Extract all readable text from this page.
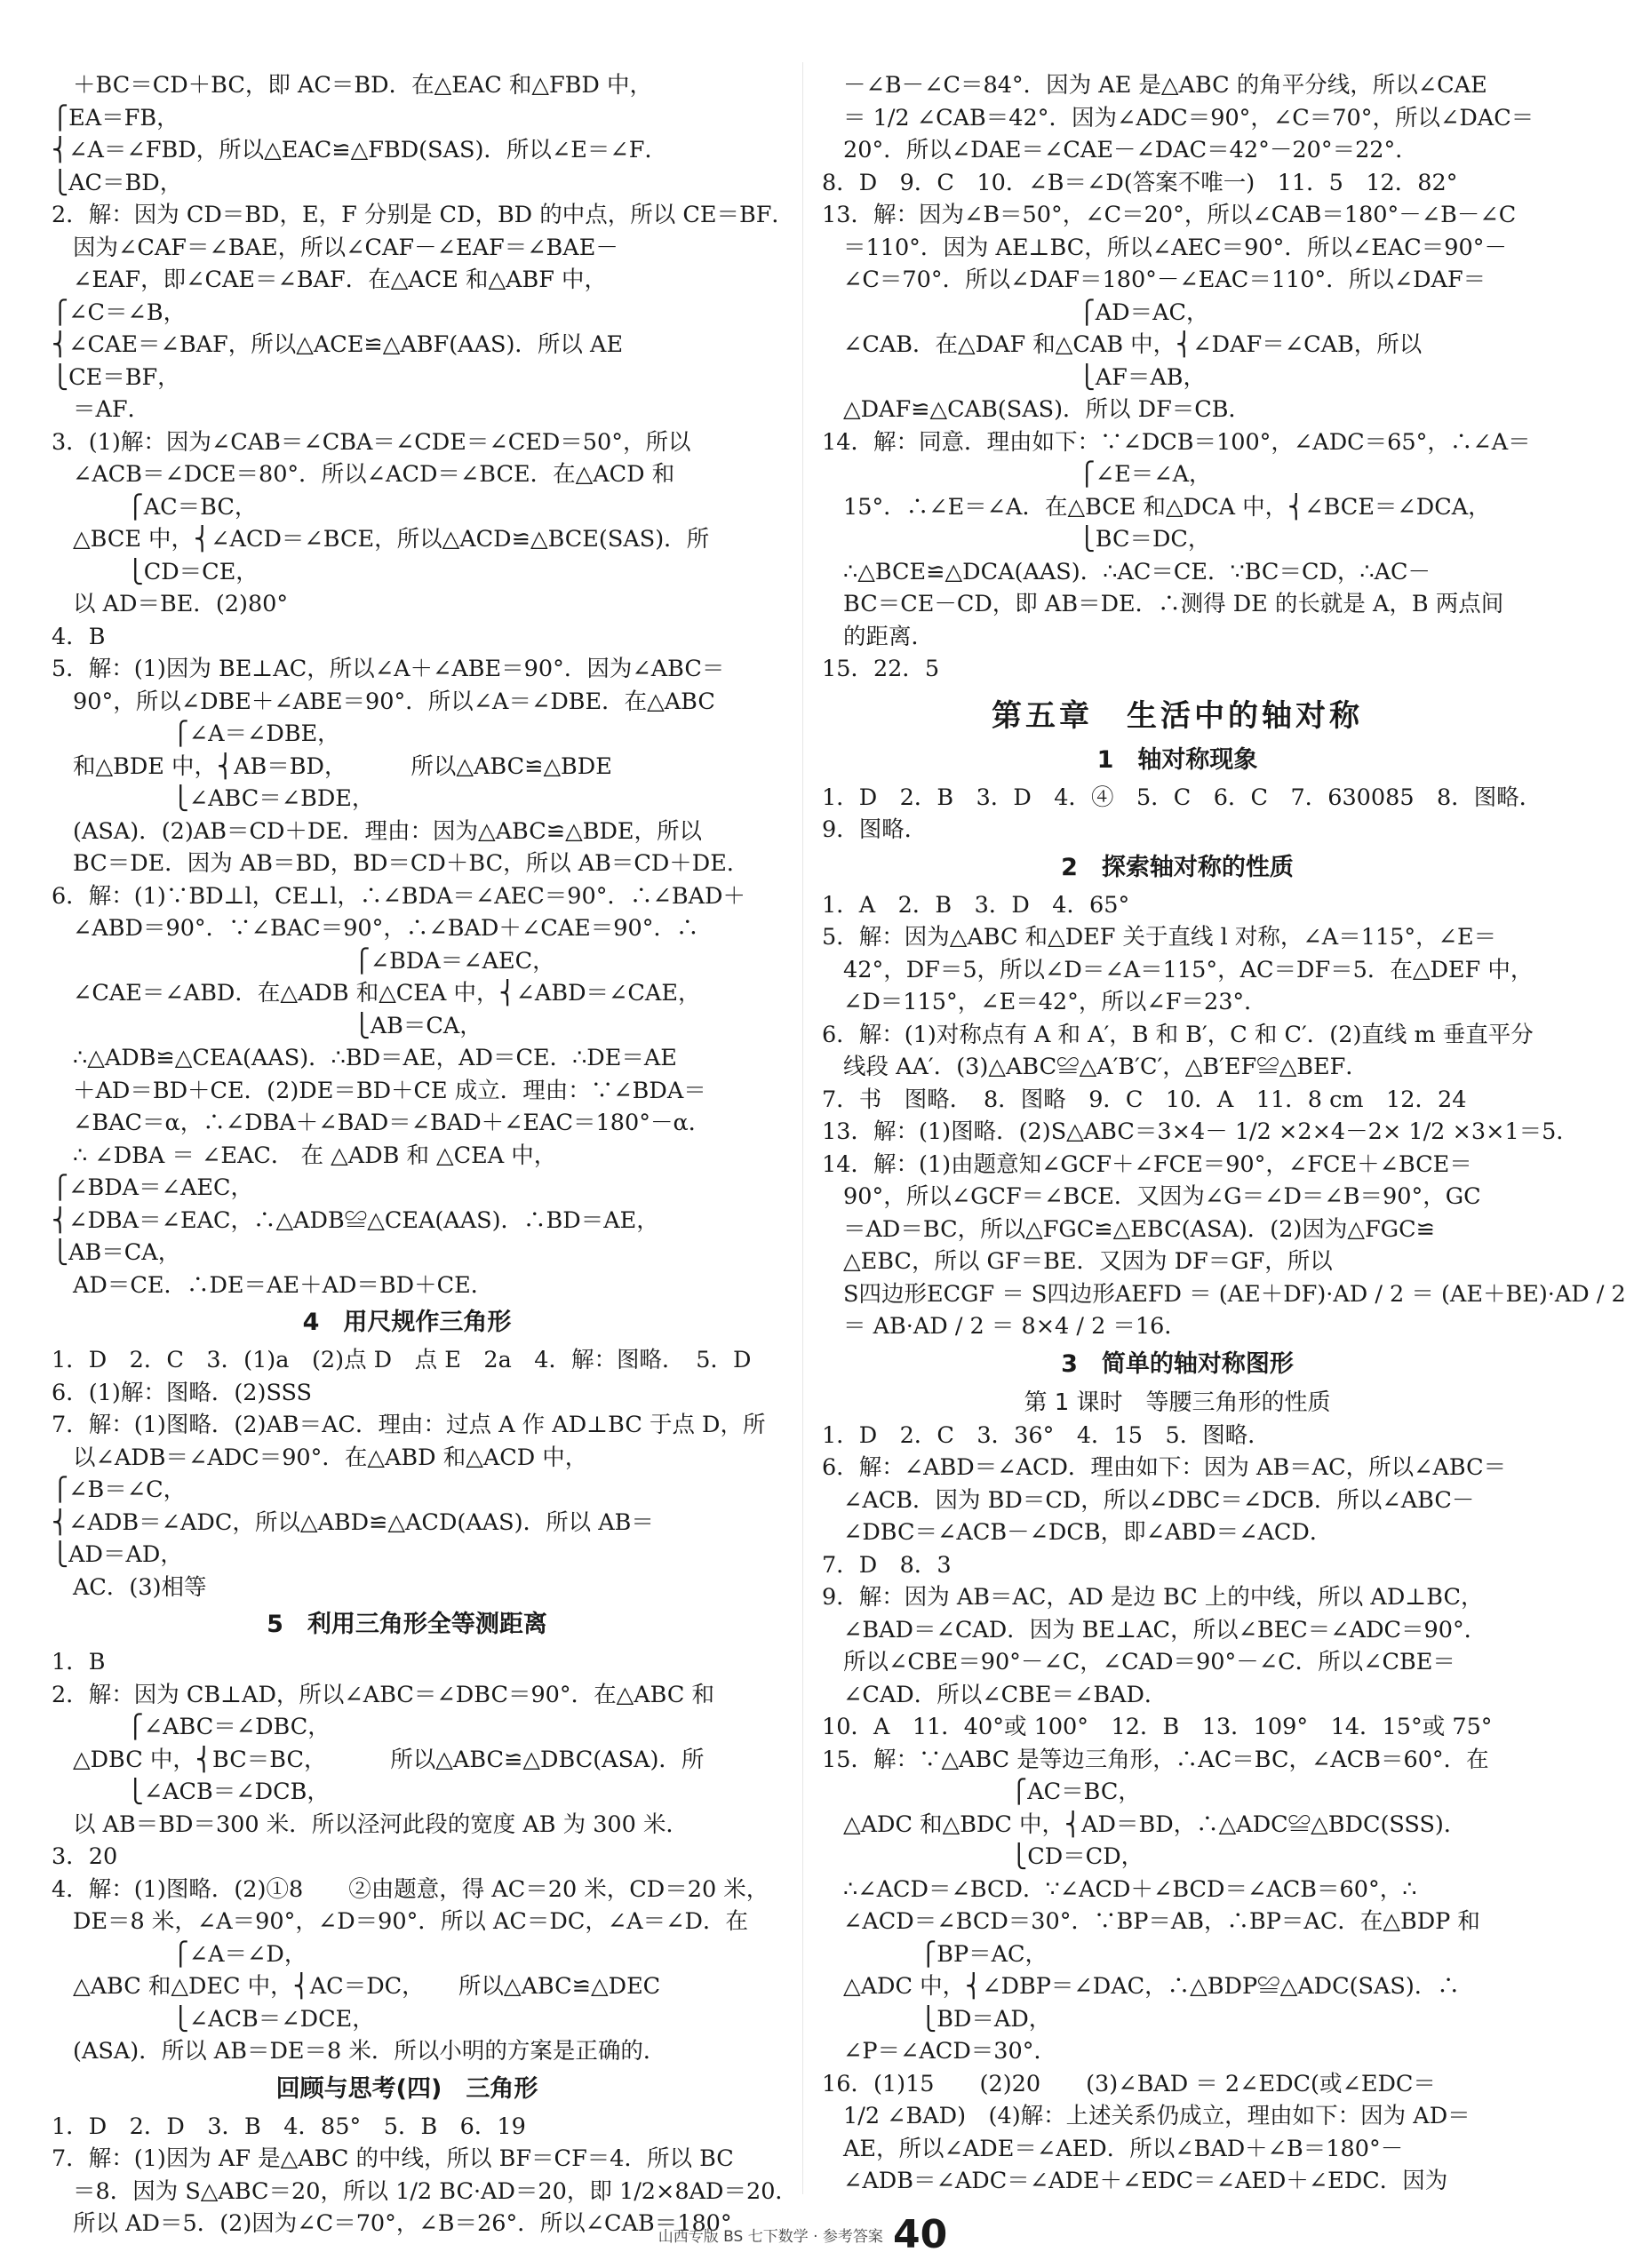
＋BC＝CD＋BC，即 AC＝BD．在△EAC 和△FBD 中，
⎧EA＝FB，
⎨∠A＝∠FBD，所以△EAC≌△FBD(SAS)．所以∠E＝∠F．
⎩AC＝BD，
2．解：因为 CD＝BD，E，F 分别是 CD，BD 的中点，所以 CE＝BF．
因为∠CAF＝∠BAE，所以∠CAF－∠EAF＝∠BAE－
∠EAF，即∠CAE＝∠BAF．在△ACE 和△ABF 中，
⎧∠C＝∠B，
⎨∠CAE＝∠BAF，所以△ACE≌△ABF(AAS)．所以 AE
⎩CE＝BF，
＝AF．
3．(1)解：因为∠CAB＝∠CBA＝∠CDE＝∠CED＝50°，所以
∠ACB＝∠DCE＝80°．所以∠ACD＝∠BCE．在△ACD 和
　　　 ⎧AC＝BC，
△BCE 中，⎨∠ACD＝∠BCE，所以△ACD≌△BCE(SAS)．所
　　　 ⎩CD＝CE，
以 AD＝BE．(2)80°
4．B
5．解：(1)因为 BE⊥AC，所以∠A＋∠ABE＝90°．因为∠ABC＝
90°，所以∠DBE＋∠ABE＝90°．所以∠A＝∠DBE．在△ABC
　　　　　 ⎧∠A＝∠DBE，
和△BDE 中，⎨AB＝BD，　　　 所以△ABC≌△BDE
　　　　　 ⎩∠ABC＝∠BDE，
(ASA)．(2)AB＝CD＋DE．理由：因为△ABC≌△BDE，所以
BC＝DE．因为 AB＝BD，BD＝CD＋BC，所以 AB＝CD＋DE．
6．解：(1)∵BD⊥l，CE⊥l，∴∠BDA＝∠AEC＝90°．∴∠BAD＋
∠ABD＝90°．∵∠BAC＝90°，∴∠BAD＋∠CAE＝90°．∴
　　　　　　　　　　　　　 ⎧∠BDA＝∠AEC，
∠CAE＝∠ABD．在△ADB 和△CEA 中，⎨∠ABD＝∠CAE，
　　　　　　　　　　　　　 ⎩AB＝CA，
∴△ADB≌△CEA(AAS)．∴BD＝AE，AD＝CE．∴DE＝AE
＋AD＝BD＋CE．(2)DE＝BD＋CE 成立．理由：∵∠BDA＝
∠BAC＝α，∴∠DBA＋∠BAD＝∠BAD＋∠EAC＝180°－α．
∴ ∠DBA ＝ ∠EAC． 在 △ADB 和 △CEA 中，
⎧∠BDA＝∠AEC，
⎨∠DBA＝∠EAC，∴△ADB≌△CEA(AAS)．∴BD＝AE，
⎩AB＝CA，
AD＝CE．∴DE＝AE＋AD＝BD＋CE．
4　用尺规作三角形
1．D　2．C　3．(1)a　(2)点 D　点 E　2a　4．解：图略．　5．D
6．(1)解：图略．(2)SSS
7．解：(1)图略．(2)AB＝AC．理由：过点 A 作 AD⊥BC 于点 D，所
以∠ADB＝∠ADC＝90°．在△ABD 和△ACD 中，
⎧∠B＝∠C，
⎨∠ADB＝∠ADC，所以△ABD≌△ACD(AAS)．所以 AB＝
⎩AD＝AD，
AC．(3)相等
5　利用三角形全等测距离
1．B
2．解：因为 CB⊥AD，所以∠ABC＝∠DBC＝90°．在△ABC 和
　　　 ⎧∠ABC＝∠DBC，
△DBC 中，⎨BC＝BC，　　　 所以△ABC≌△DBC(ASA)．所
　　　 ⎩∠ACB＝∠DCB，
以 AB＝BD＝300 米．所以泾河此段的宽度 AB 为 300 米．
3．20
4．解：(1)图略．(2)①8　　②由题意，得 AC＝20 米，CD＝20 米，
DE＝8 米，∠A＝90°，∠D＝90°．所以 AC＝DC，∠A＝∠D．在
　　　　　 ⎧∠A＝∠D，
△ABC 和△DEC 中，⎨AC＝DC，　　所以△ABC≌△DEC
　　　　　 ⎩∠ACB＝∠DCE，
(ASA)．所以 AB＝DE＝8 米．所以小明的方案是正确的．
回顾与思考(四)　三角形
1．D　2．D　3．B　4．85°　5．B　6．19
7．解：(1)因为 AF 是△ABC 的中线，所以 BF＝CF＝4．所以 BC
＝8．因为 S△ABC＝20，所以 1/2 BC·AD＝20，即 1/2×8AD＝20．
所以 AD＝5．(2)因为∠C＝70°，∠B＝26°．所以∠CAB＝180°
－∠B－∠C＝84°．因为 AE 是△ABC 的角平分线，所以∠CAE
＝ 1/2 ∠CAB＝42°．因为∠ADC＝90°，∠C＝70°，所以∠DAC＝
20°．所以∠DAE＝∠CAE－∠DAC＝42°－20°＝22°．
8．D　9．C　10．∠B＝∠D(答案不唯一)　11．5　12．82°
13．解：因为∠B＝50°，∠C＝20°，所以∠CAB＝180°－∠B－∠C
＝110°．因为 AE⊥BC，所以∠AEC＝90°．所以∠EAC＝90°－
∠C＝70°．所以∠DAF＝180°－∠EAC＝110°．所以∠DAF＝
　　　　　　　　　　　 ⎧AD＝AC，
∠CAB．在△DAF 和△CAB 中，⎨∠DAF＝∠CAB，所以
　　　　　　　　　　　 ⎩AF＝AB，
△DAF≌△CAB(SAS)．所以 DF＝CB．
14．解：同意．理由如下：∵∠DCB＝100°，∠ADC＝65°，∴∠A＝
　　　　　　　　　　　 ⎧∠E＝∠A，
15°．∴∠E＝∠A．在△BCE 和△DCA 中，⎨∠BCE＝∠DCA，
　　　　　　　　　　　 ⎩BC＝DC，
∴△BCE≌△DCA(AAS)．∴AC＝CE．∵BC＝CD，∴AC－
BC＝CE－CD，即 AB＝DE．∴测得 DE 的长就是 A，B 两点间
的距离．
15．22．5
第五章　生活中的轴对称
1　轴对称现象
1．D　2．B　3．D　4．④　5．C　6．C　7．630085　8．图略．
9．图略．
2　探索轴对称的性质
1．A　2．B　3．D　4．65°
5．解：因为△ABC 和△DEF 关于直线 l 对称，∠A＝115°，∠E＝
42°，DF＝5，所以∠D＝∠A＝115°，AC＝DF＝5．在△DEF 中，
∠D＝115°，∠E＝42°，所以∠F＝23°．
6．解：(1)对称点有 A 和 A′，B 和 B′，C 和 C′．(2)直线 m 垂直平分
线段 AA′．(3)△ABC≌△A′B′C′，△B′EF≌△BEF．
7．书　图略．　8．图略　9．C　10．A　11．8 cm　12．24
13．解：(1)图略．(2)S△ABC＝3×4－ 1/2 ×2×4－2× 1/2 ×3×1＝5．
14．解：(1)由题意知∠GCF＋∠FCE＝90°，∠FCE＋∠BCE＝
90°，所以∠GCF＝∠BCE．又因为∠G＝∠D＝∠B＝90°，GC
＝AD＝BC，所以△FGC≌△EBC(ASA)．(2)因为△FGC≌
△EBC，所以 GF＝BE．又因为 DF＝GF，所以
S四边形ECGF ＝ S四边形AEFD ＝ (AE＋DF)·AD / 2 ＝ (AE＋BE)·AD / 2
＝ AB·AD / 2 ＝ 8×4 / 2 ＝16．
3　简单的轴对称图形
第 1 课时　等腰三角形的性质
1．D　2．C　3．36°　4．15　5．图略．
6．解：∠ABD＝∠ACD．理由如下：因为 AB＝AC，所以∠ABC＝
∠ACB．因为 BD＝CD，所以∠DBC＝∠DCB．所以∠ABC－
∠DBC＝∠ACB－∠DCB，即∠ABD＝∠ACD．
7．D　8．3
9．解：因为 AB＝AC，AD 是边 BC 上的中线，所以 AD⊥BC，
∠BAD＝∠CAD．因为 BE⊥AC，所以∠BEC＝∠ADC＝90°．
所以∠CBE＝90°－∠C，∠CAD＝90°－∠C．所以∠CBE＝
∠CAD．所以∠CBE＝∠BAD．
10．A　11．40°或 100°　12．B　13．109°　14．15°或 75°
15．解：∵△ABC 是等边三角形，∴AC＝BC，∠ACB＝60°．在
　　　　　　　　 ⎧AC＝BC，
△ADC 和△BDC 中，⎨AD＝BD，∴△ADC≌△BDC(SSS)．
　　　　　　　　 ⎩CD＝CD，
∴∠ACD＝∠BCD．∵∠ACD＋∠BCD＝∠ACB＝60°，∴
∠ACD＝∠BCD＝30°．∵BP＝AB，∴BP＝AC．在△BDP 和
　　　　 ⎧BP＝AC，
△ADC 中，⎨∠DBP＝∠DAC，∴△BDP≌△ADC(SAS)．∴
　　　　 ⎩BD＝AD，
∠P＝∠ACD＝30°．
16．(1)15　　(2)20　　(3)∠BAD ＝ 2∠EDC(或∠EDC＝
1/2 ∠BAD)　(4)解：上述关系仍成立，理由如下：因为 AD＝
AE，所以∠ADE＝∠AED．所以∠BAD＋∠B＝180°－
∠ADB＝∠ADC＝∠ADE＋∠EDC＝∠AED＋∠EDC．因为
山西专版 BS 七下数学 · 参考答案 40
